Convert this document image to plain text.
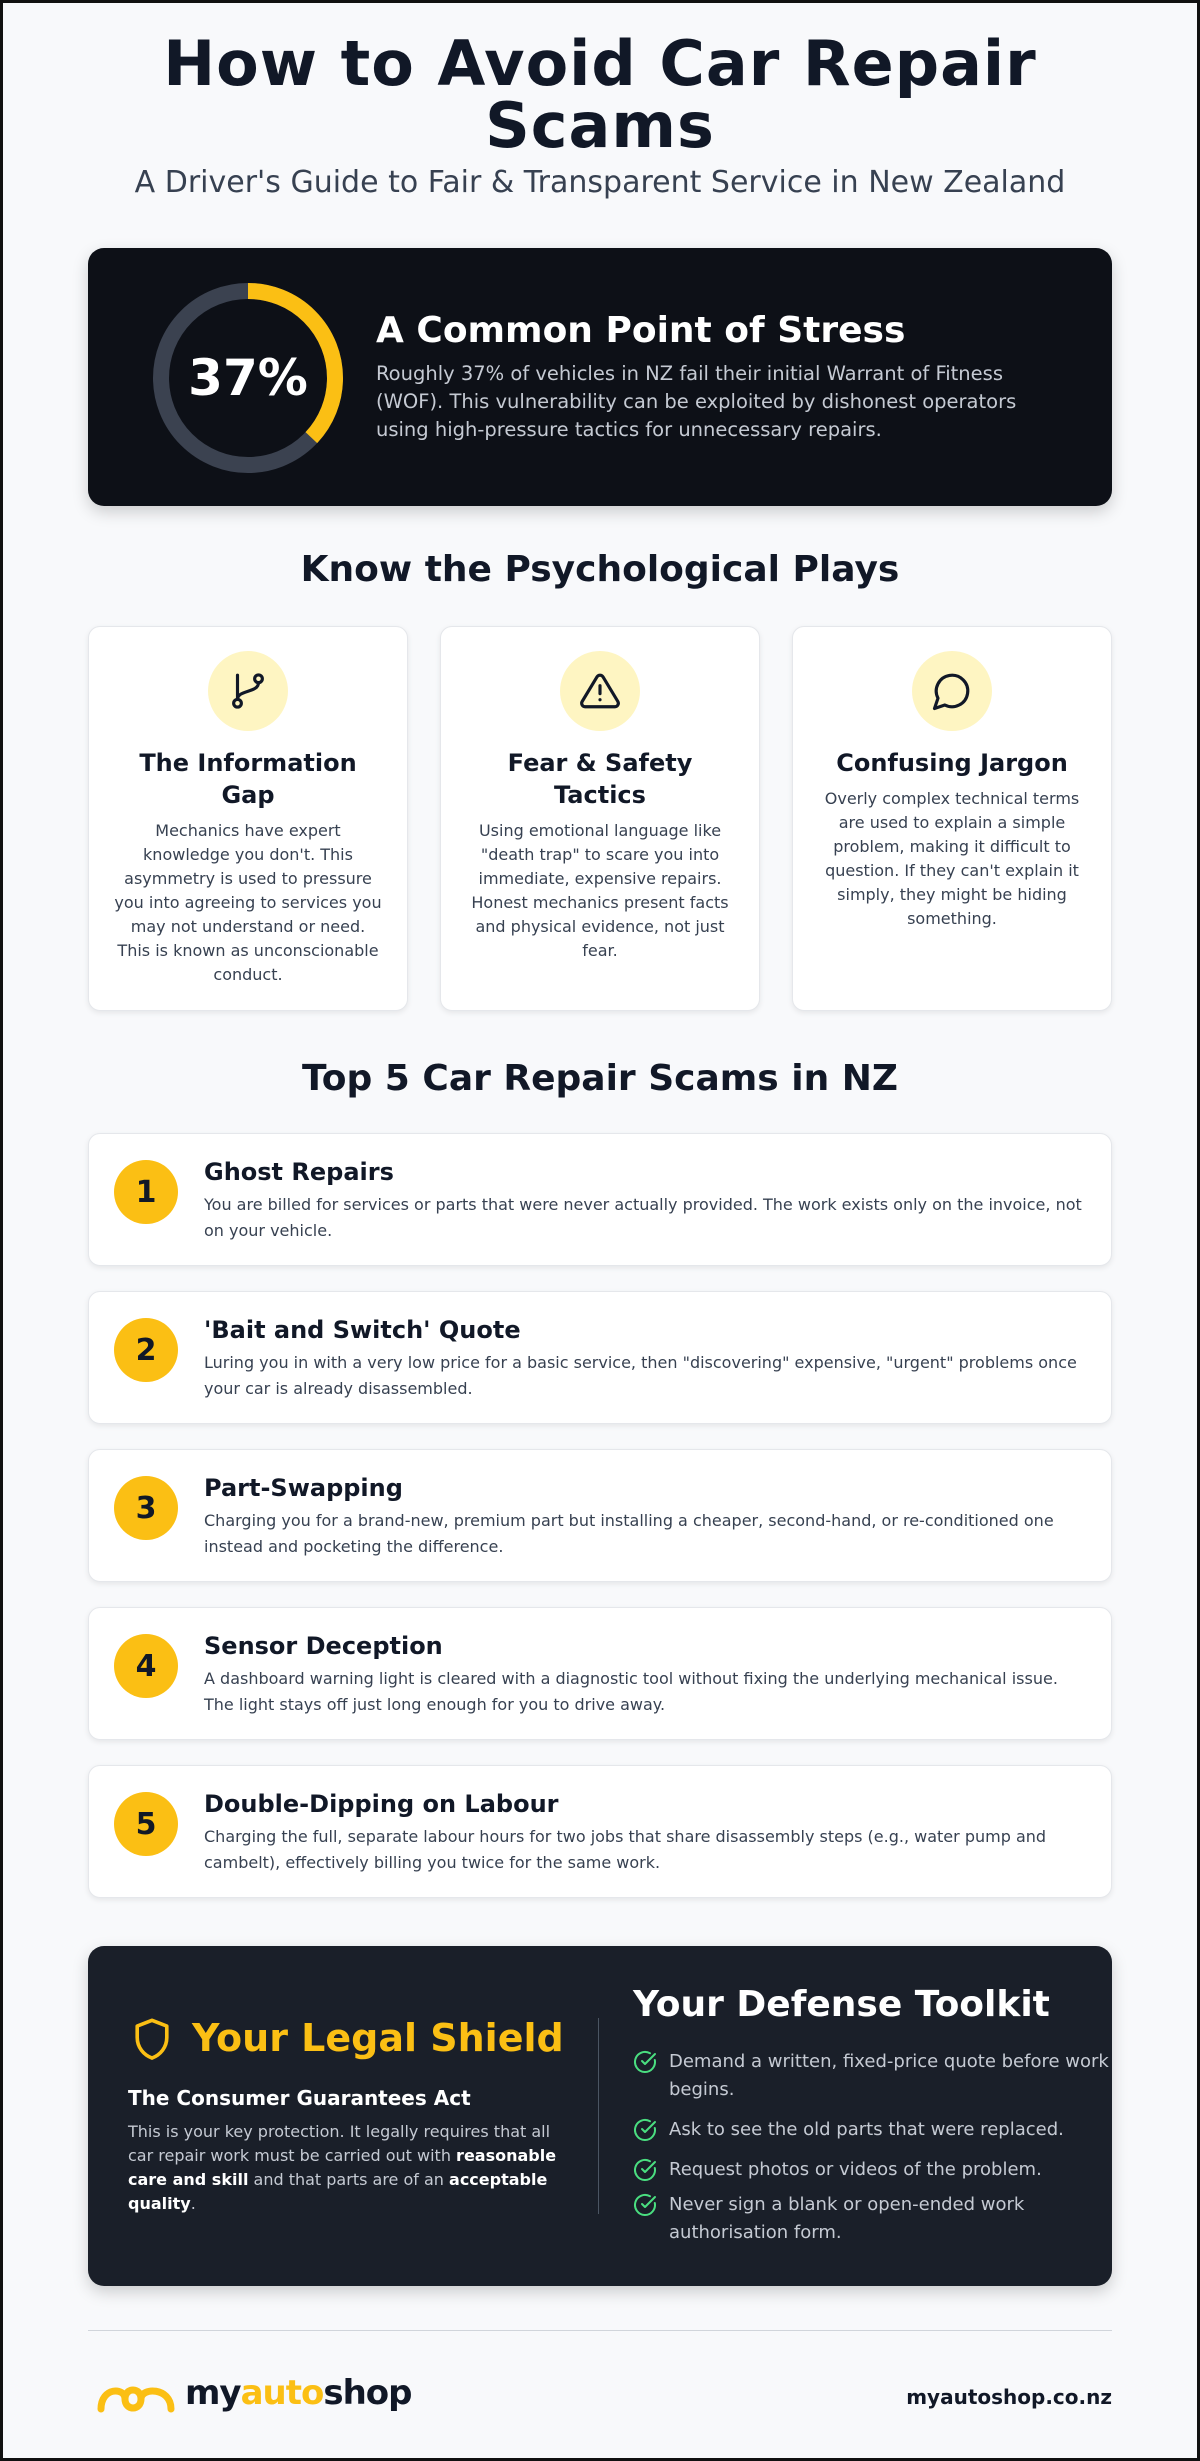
How to Avoid Car Repair
Scams
A Driver's Guide to Fair & Transparent Service in New Zealand
37%
A Common Point of Stress

Roughly 37% of vehicles in NZ fail their initial Warrant of Fitness (WOF). This vulnerability can be exploited by dishonest operators using high-pressure tactics for unnecessary repairs.

Know the Psychological Plays
The Information Gap

Mechanics have expert knowledge you don't. This asymmetry is used to pressure you into agreeing to services you may not understand or need. This is known as unconscionable conduct.

Fear & Safety Tactics

Using emotional language like "death trap" to scare you into immediate, expensive repairs. Honest mechanics present facts and physical evidence, not just fear.

Confusing Jargon

Overly complex technical terms are used to explain a simple problem, making it difficult to question. If they can't explain it simply, they might be hiding something.

Top 5 Car Repair Scams in NZ
1
Ghost Repairs

You are billed for services or parts that were never actually provided. The work exists only on the invoice, not on your vehicle.

2
'Bait and Switch' Quote

Luring you in with a very low price for a basic service, then "discovering" expensive, "urgent" problems once your car is already disassembled.

3
Part-Swapping

Charging you for a brand-new, premium part but installing a cheaper, second-hand, or re-conditioned one instead and pocketing the difference.

4
Sensor Deception

A dashboard warning light is cleared with a diagnostic tool without fixing the underlying mechanical issue. The light stays off just long enough for you to drive away.

5
Double-Dipping on Labour

Charging the full, separate labour hours for two jobs that share disassembly steps (e.g., water pump and cambelt), effectively billing you twice for the same work.

Your Legal Shield
The Consumer Guarantees Act

This is your key protection. It legally requires that all car repair work must be carried out with reasonable care and skill and that parts are of an acceptable quality.

Your Defense Toolkit
Demand a written, fixed-price quote before work begins.
Ask to see the old parts that were replaced.
Request photos or videos of the problem.
Never sign a blank or open-ended work authorisation form.
myautoshop	myautoshop.co.nz
